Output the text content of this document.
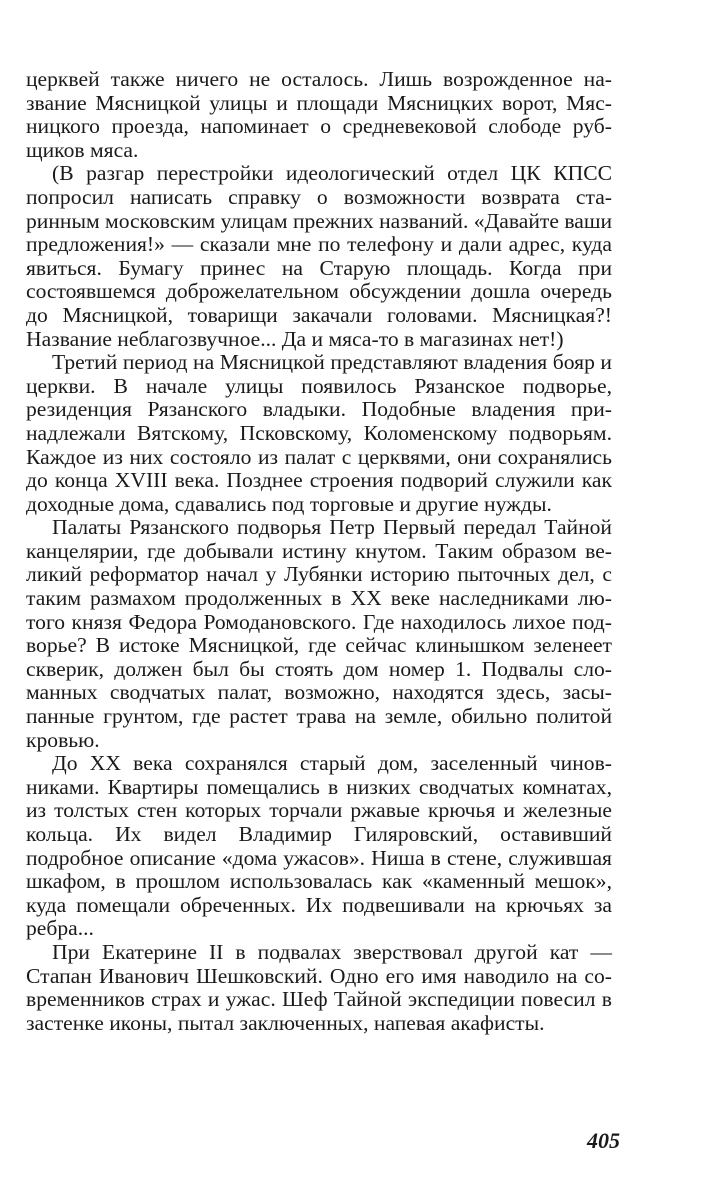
церквей также ничего не осталось. Лишь возрожденное название Мясницкой улицы и площади Мясницких ворот, Мясницкого проезда, напоминает о средневековой слободе рубщиков мяса.

(В разгар перестройки идеологический отдел ЦК КПСС попросил написать справку о возможности возврата старинным московским улицам прежних названий. «Давайте ваши предложения!» — сказали мне по телефону и дали адрес, куда явиться. Бумагу принес на Старую площадь. Когда при состоявшемся доброжелательном обсуждении дошла очередь до Мясницкой, товарищи закачали головами. Мясницкая?! Название неблагозвучное... Да и мяса-то в магазинах нет!)

Третий период на Мясницкой представляют владения бояр и церкви. В начале улицы появилось Рязанское подворье, резиденция Рязанского владыки. Подобные владения принадлежали Вятскому, Псковскому, Коломенскому подворьям. Каждое из них состояло из палат с церквями, они сохранялись до конца XVIII века. Позднее строения подворий служили как доходные дома, сдавались под торговые и другие нужды.

Палаты Рязанского подворья Петр Первый передал Тайной канцелярии, где добывали истину кнутом. Таким образом великий реформатор начал у Лубянки историю пыточных дел, с таким размахом продолженных в XX веке наследниками лютого князя Федора Ромодановского. Где находилось лихое подворье? В истоке Мясницкой, где сейчас клинышком зеленеет скверик, должен был бы стоять дом номер 1. Подвалы сломанных сводчатых палат, возможно, находятся здесь, засыпанные грунтом, где растет трава на земле, обильно политой кровью.

До XX века сохранялся старый дом, заселенный чиновниками. Квартиры помещались в низких сводчатых комнатах, из толстых стен которых торчали ржавые крючья и железные кольца. Их видел Владимир Гиляровский, оставивший подробное описание «дома ужасов». Ниша в стене, служившая шкафом, в прошлом использовалась как «каменный мешок», куда помещали обреченных. Их подвешивали на крючьях за ребра...

При Екатерине II в подвалах зверствовал другой кат — Стапан Иванович Шешковский. Одно его имя наводило на современников страх и ужас. Шеф Тайной экспедиции повесил в застенке иконы, пытал заключенных, напевая акафисты.

405
